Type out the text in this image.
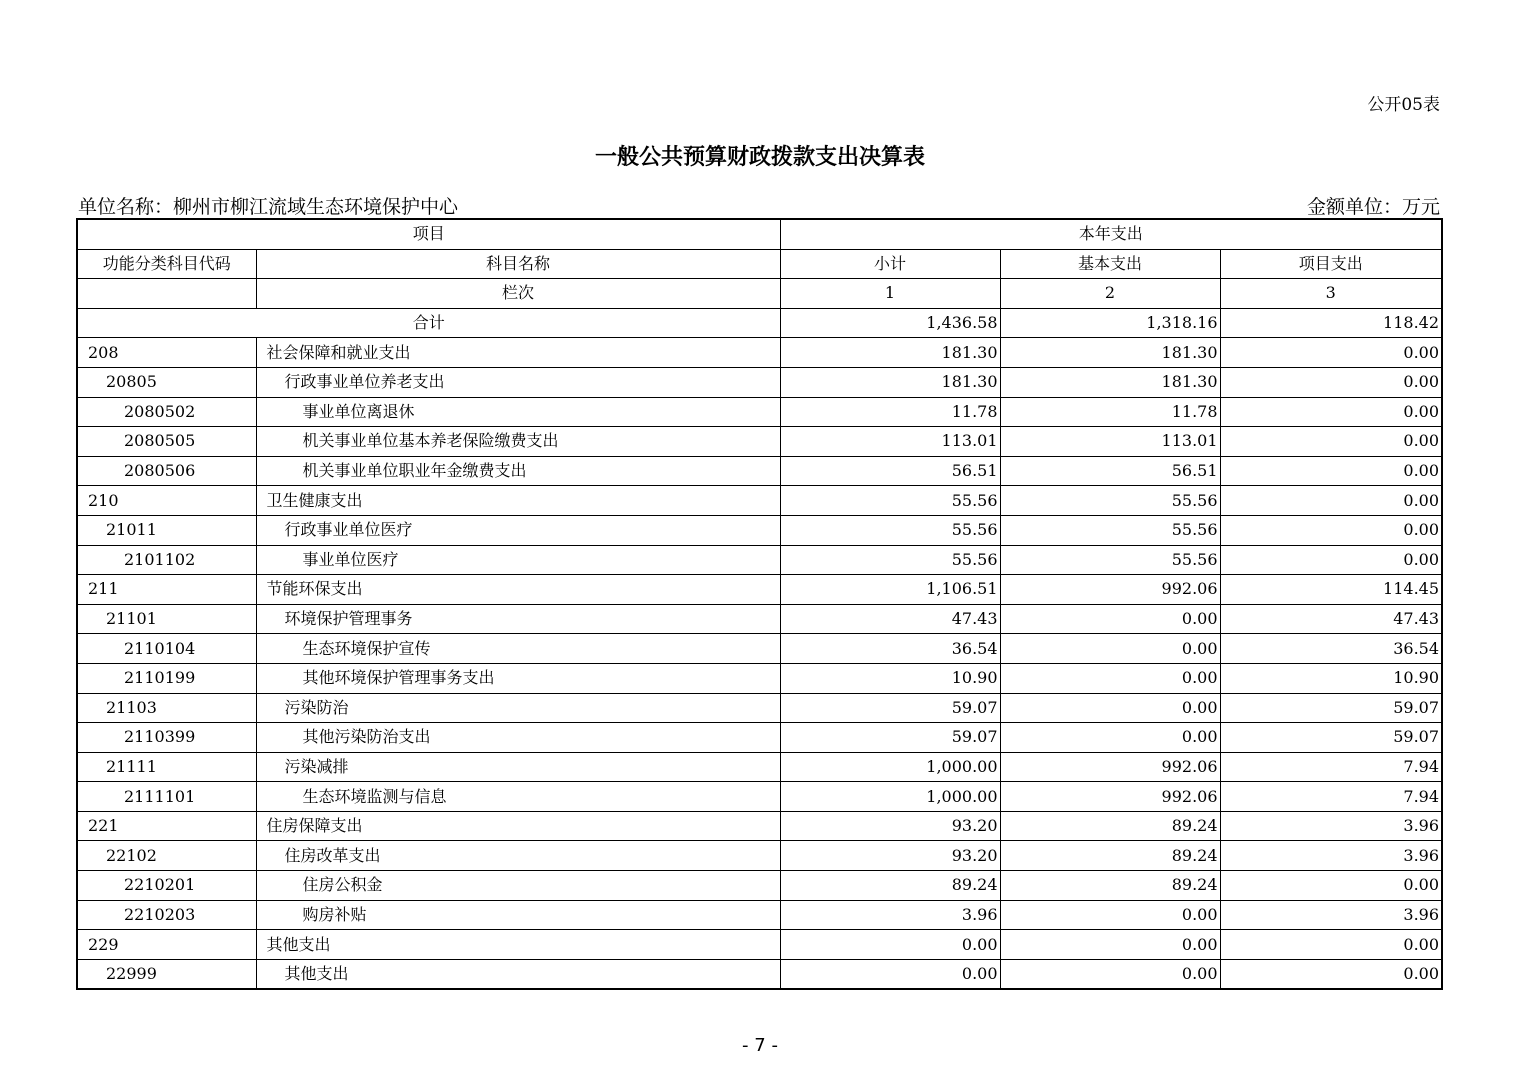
公开05表
一般公共预算财政拨款支出决算表
单位名称：柳州市柳江流域生态环境保护中心	金额单位：万元
项目		本年支出		
功能分类科目代码	科目名称	小计	基本支出	项目支出
	栏次	1	2	3
合计		1,436.58	1,318.16	118.42
208	社会保障和就业支出	181.30	181.30	0.00
20805	行政事业单位养老支出	181.30	181.30	0.00
2080502	事业单位离退休	11.78	11.78	0.00
2080505	机关事业单位基本养老保险缴费支出	113.01	113.01	0.00
2080506	机关事业单位职业年金缴费支出	56.51	56.51	0.00
210	卫生健康支出	55.56	55.56	0.00
21011	行政事业单位医疗	55.56	55.56	0.00
2101102	事业单位医疗	55.56	55.56	0.00
211	节能环保支出	1,106.51	992.06	114.45
21101	环境保护管理事务	47.43	0.00	47.43
2110104	生态环境保护宣传	36.54	0.00	36.54
2110199	其他环境保护管理事务支出	10.90	0.00	10.90
21103	污染防治	59.07	0.00	59.07
2110399	其他污染防治支出	59.07	0.00	59.07
21111	污染减排	1,000.00	992.06	7.94
2111101	生态环境监测与信息	1,000.00	992.06	7.94
221	住房保障支出	93.20	89.24	3.96
22102	住房改革支出	93.20	89.24	3.96
2210201	住房公积金	89.24	89.24	0.00
2210203	购房补贴	3.96	0.00	3.96
229	其他支出	0.00	0.00	0.00
22999	其他支出	0.00	0.00	0.00
- 7 -
